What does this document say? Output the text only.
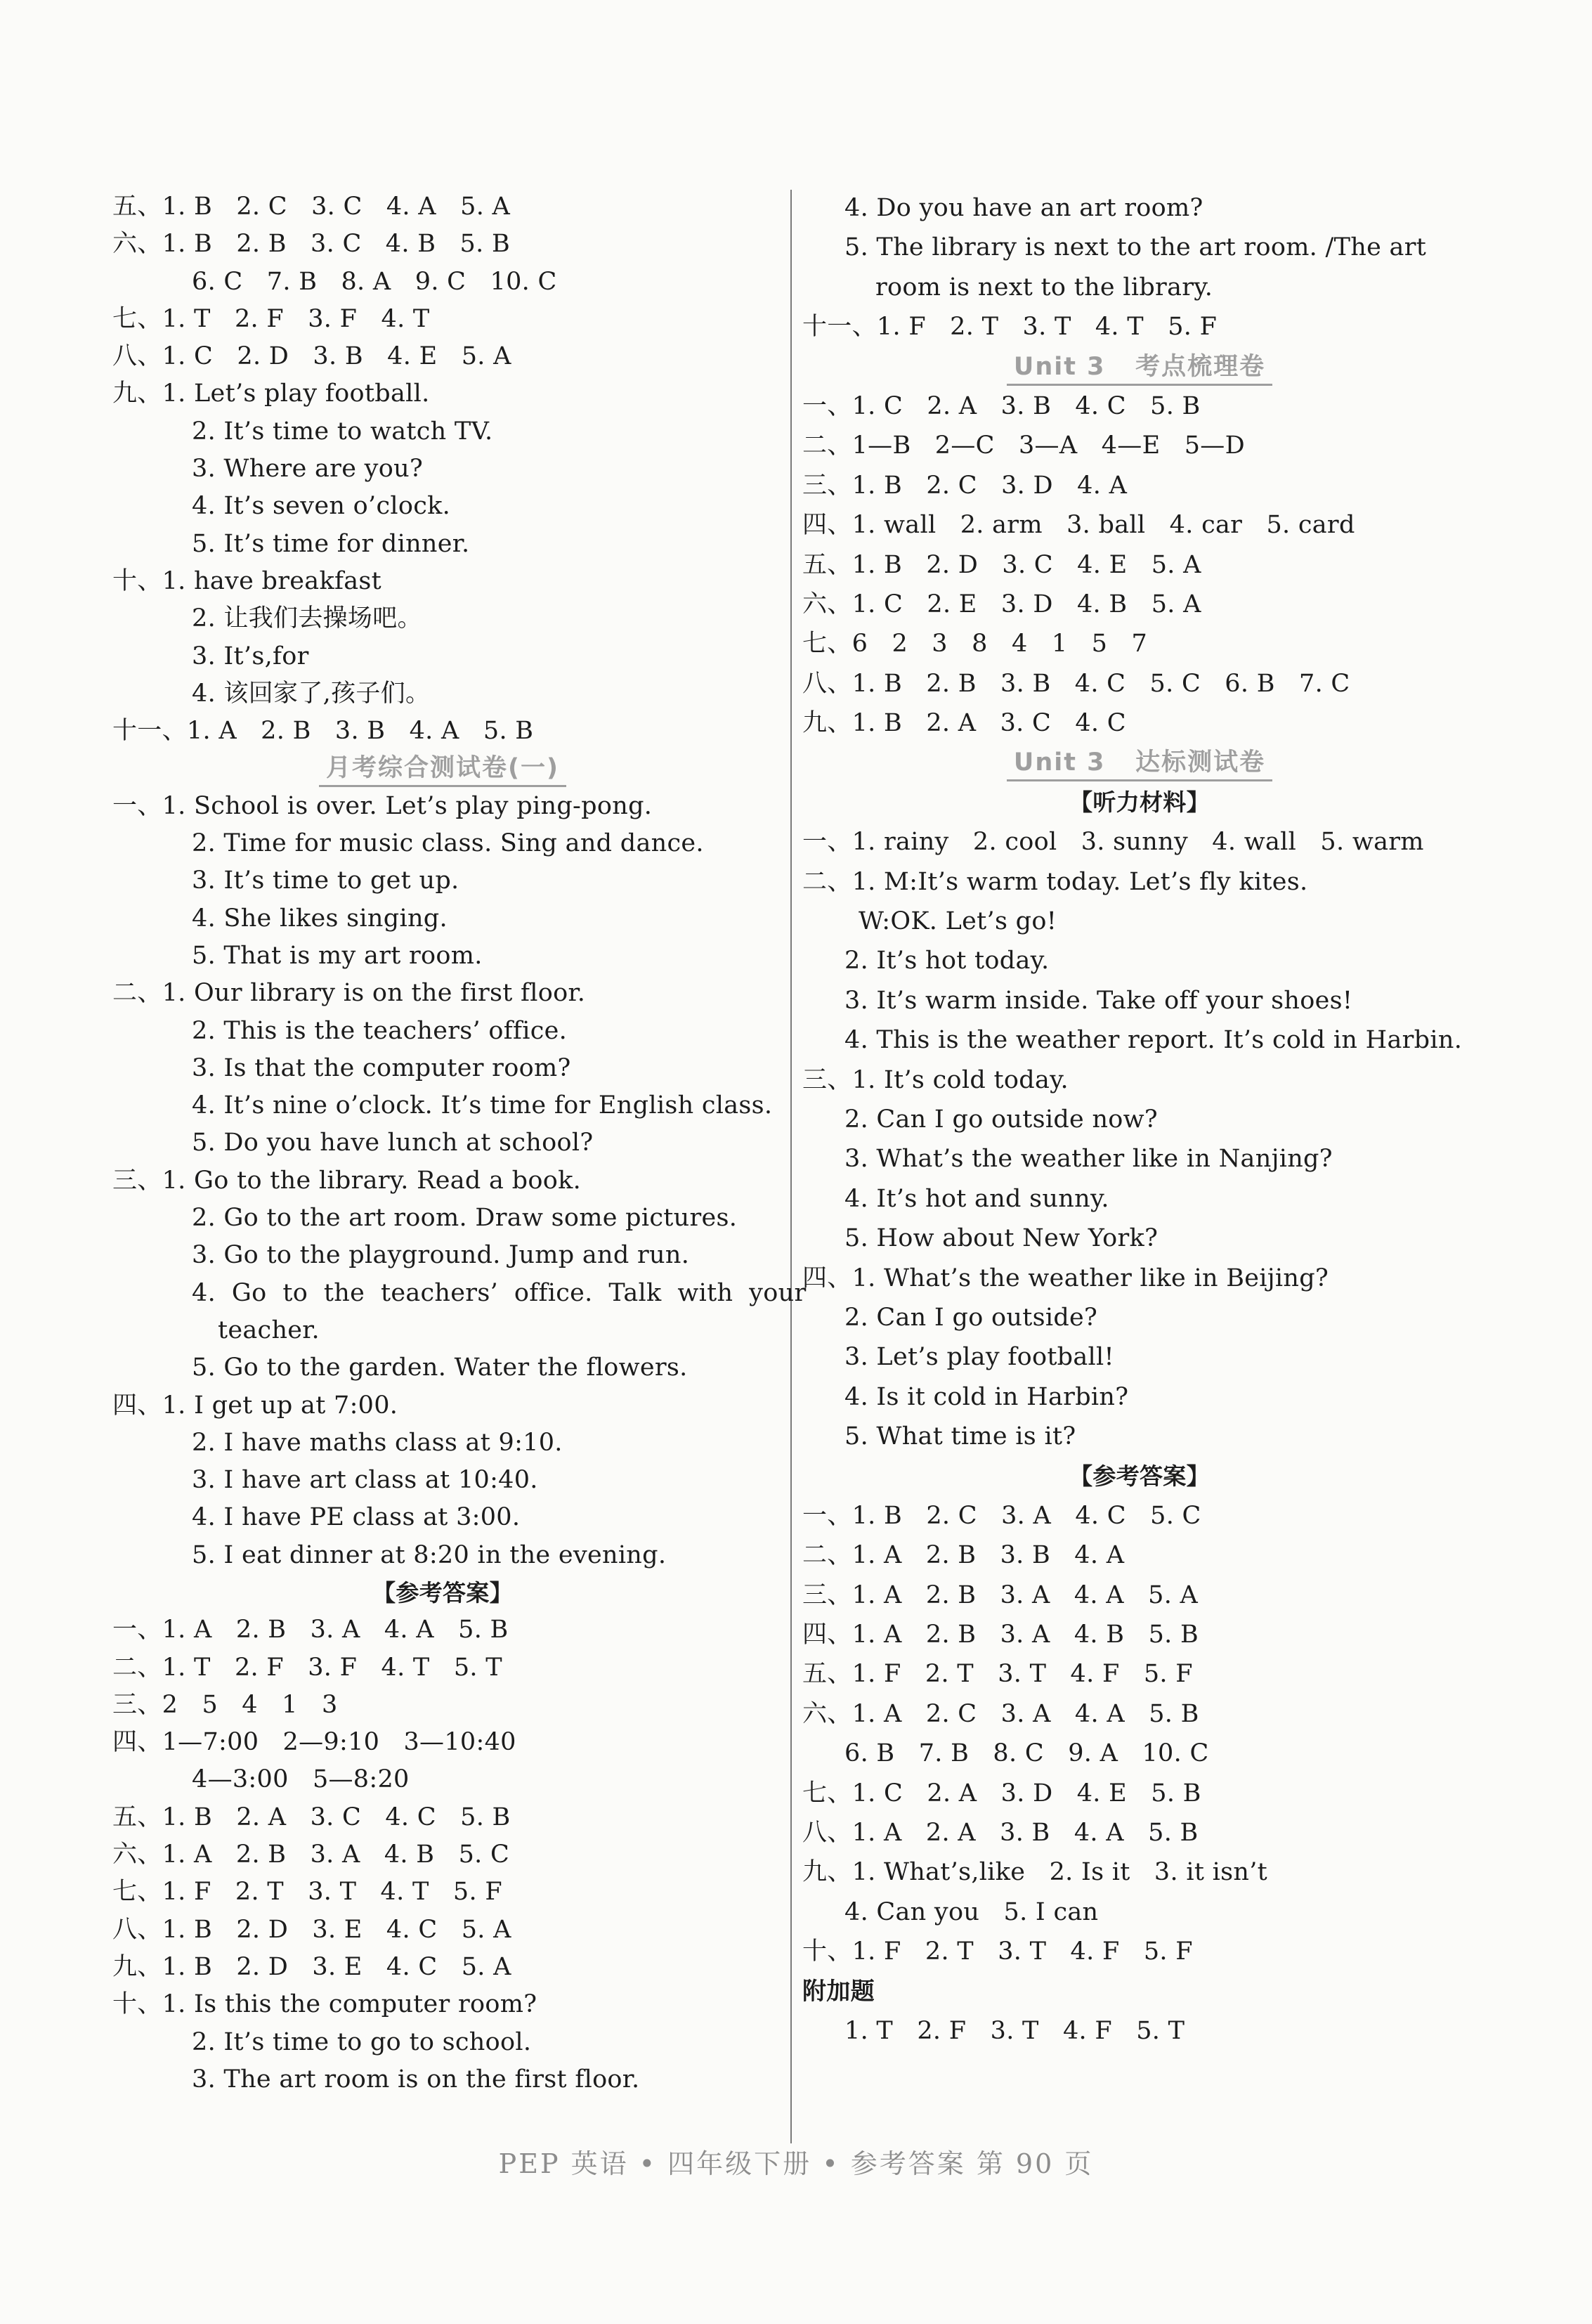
五、1. B   2. C   3. C   4. A   5. A
六、1. B   2. B   3. C   4. B   5. B
6. C   7. B   8. A   9. C   10. C
七、1. T   2. F   3. F   4. T
八、1. C   2. D   3. B   4. E   5. A
九、1. Let’s play football.
2. It’s time to watch TV.
3. Where are you?
4. It’s seven o’clock.
5. It’s time for dinner.
十、1. have breakfast
2. 让我们去操场吧。
3. It’s,for
4. 该回家了,孩子们。
十一、1. A   2. B   3. B   4. A   5. B
月考综合测试卷(一)
一、1. School is over. Let’s play ping-pong.
2. Time for music class. Sing and dance.
3. It’s time to get up.
4. She likes singing.
5. That is my art room.
二、1. Our library is on the first floor.
2. This is the teachers’ office.
3. Is that the computer room?
4. It’s nine o’clock. It’s time for English class.
5. Do you have lunch at school?
三、1. Go to the library. Read a book.
2. Go to the art room. Draw some pictures.
3. Go to the playground. Jump and run.
4.  Go  to  the  teachers’  office.  Talk  with  your
teacher.
5. Go to the garden. Water the flowers.
四、1. I get up at 7:00.
2. I have maths class at 9:10.
3. I have art class at 10:40.
4. I have PE class at 3:00.
5. I eat dinner at 8:20 in the evening.
【参考答案】
一、1. A   2. B   3. A   4. A   5. B
二、1. T   2. F   3. F   4. T   5. T
三、2   5   4   1   3
四、1—7:00   2—9:10   3—10:40
4—3:00   5—8:20
五、1. B   2. A   3. C   4. C   5. B
六、1. A   2. B   3. A   4. B   5. C
七、1. F   2. T   3. T   4. T   5. F
八、1. B   2. D   3. E   4. C   5. A
九、1. B   2. D   3. E   4. C   5. A
十、1. Is this the computer room?
2. It’s time to go to school.
3. The art room is on the first floor.
4. Do you have an art room?
5. The library is next to the art room. /The art
room is next to the library.
十一、1. F   2. T   3. T   4. T   5. F
Unit 3   考点梳理卷
一、1. C   2. A   3. B   4. C   5. B
二、1—B   2—C   3—A   4—E   5—D
三、1. B   2. C   3. D   4. A
四、1. wall   2. arm   3. ball   4. car   5. card
五、1. B   2. D   3. C   4. E   5. A
六、1. C   2. E   3. D   4. B   5. A
七、6   2   3   8   4   1   5   7
八、1. B   2. B   3. B   4. C   5. C   6. B   7. C
九、1. B   2. A   3. C   4. C
Unit 3   达标测试卷
【听力材料】
一、1. rainy   2. cool   3. sunny   4. wall   5. warm
二、1. M:It’s warm today. Let’s fly kites.
W:OK. Let’s go!
2. It’s hot today.
3. It’s warm inside. Take off your shoes!
4. This is the weather report. It’s cold in Harbin.
三、1. It’s cold today.
2. Can I go outside now?
3. What’s the weather like in Nanjing?
4. It’s hot and sunny.
5. How about New York?
四、1. What’s the weather like in Beijing?
2. Can I go outside?
3. Let’s play football!
4. Is it cold in Harbin?
5. What time is it?
【参考答案】
一、1. B   2. C   3. A   4. C   5. C
二、1. A   2. B   3. B   4. A
三、1. A   2. B   3. A   4. A   5. A
四、1. A   2. B   3. A   4. B   5. B
五、1. F   2. T   3. T   4. F   5. F
六、1. A   2. C   3. A   4. A   5. B
6. B   7. B   8. C   9. A   10. C
七、1. C   2. A   3. D   4. E   5. B
八、1. A   2. A   3. B   4. A   5. B
九、1. What’s,like   2. Is it   3. it isn’t
4. Can you   5. I can
十、1. F   2. T   3. T   4. F   5. F
附加题
1. T   2. F   3. T   4. F   5. T
PEP 英语 • 四年级下册 • 参考答案 第 90 页
